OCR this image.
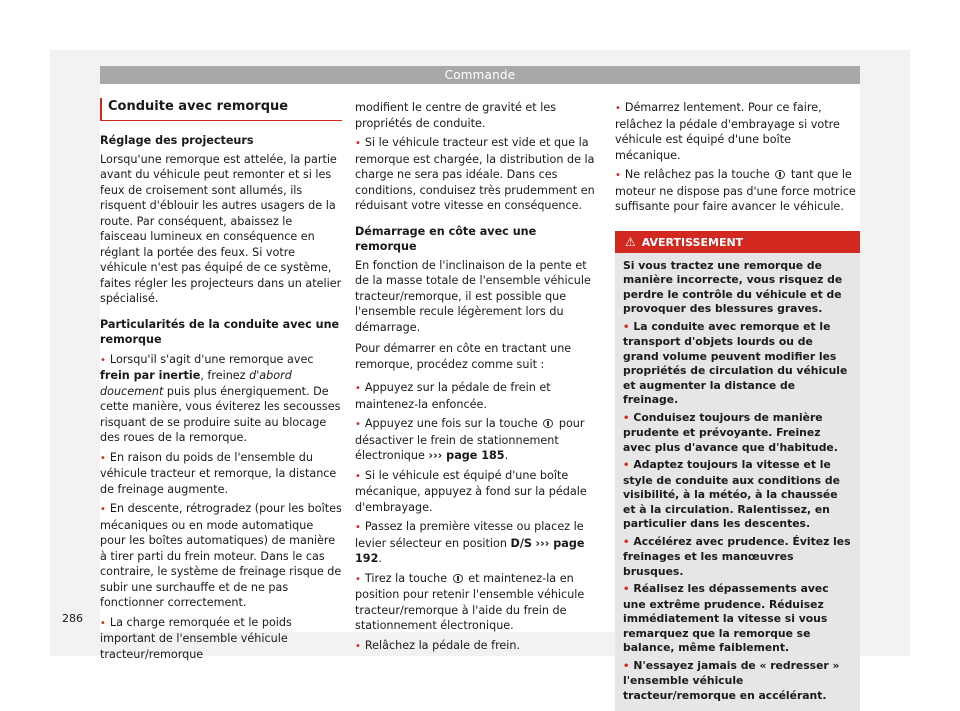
Commande
Conduite avec remorque

Réglage des projecteurs

Lorsqu'une remorque est attelée, la partie avant du véhicule peut remonter et si les feux de croisement sont allumés, ils risquent d'éblouir les autres usagers de la route. Par conséquent, abaissez le faisceau lumineux en conséquence en réglant la portée des feux. Si votre véhicule n'est pas équipé de ce système, faites régler les projecteurs dans un atelier spécialisé.

Particularités de la conduite avec une remorque

• Lorsqu'il s'agit d'une remorque avec frein par inertie, freinez d'abord doucement puis plus énergiquement. De cette manière, vous éviterez les secousses risquant de se produire suite au blocage des roues de la remorque.

• En raison du poids de l'ensemble du véhicule tracteur et remorque, la distance de freinage augmente.

• En descente, rétrogradez (pour les boîtes mécaniques ou en mode automatique pour les boîtes automatiques) de manière à tirer parti du frein moteur. Dans le cas contraire, le système de freinage risque de subir une surchauffe et de ne pas fonctionner correctement.

• La charge remorquée et le poids important de l'ensemble véhicule tracteur/remorque

modifient le centre de gravité et les propriétés de conduite.

• Si le véhicule tracteur est vide et que la remorque est chargée, la distribution de la charge ne sera pas idéale. Dans ces conditions, conduisez très prudemment en réduisant votre vitesse en conséquence.

Démarrage en côte avec une remorque

En fonction de l'inclinaison de la pente et de la masse totale de l'ensemble véhicule tracteur/remorque, il est possible que l'ensemble recule légèrement lors du démarrage.

Pour démarrer en côte en tractant une remorque, procédez comme suit :

• Appuyez sur la pédale de frein et maintenez-la enfoncée.

• Appuyez une fois sur la touche pour désactiver le frein de stationnement électronique ››› page 185.

• Si le véhicule est équipé d'une boîte mécanique, appuyez à fond sur la pédale d'embrayage.

• Passez la première vitesse ou placez le levier sélecteur en position D/S ››› page 192.

• Tirez la touche et maintenez-la en position pour retenir l'ensemble véhicule tracteur/remorque à l'aide du frein de stationnement électronique.

• Relâchez la pédale de frein.

• Démarrez lentement. Pour ce faire, relâchez la pédale d'embrayage si votre véhicule est équipé d'une boîte mécanique.

• Ne relâchez pas la touche tant que le moteur ne dispose pas d'une force motrice suffisante pour faire avancer le véhicule.

⚠ AVERTISSEMENT

Si vous tractez une remorque de manière incorrecte, vous risquez de perdre le contrôle du véhicule et de provoquer des blessures graves.

• La conduite avec remorque et le transport d'objets lourds ou de grand volume peuvent modifier les propriétés de circulation du véhicule et augmenter la distance de freinage.

• Conduisez toujours de manière prudente et prévoyante. Freinez avec plus d'avance que d'habitude.

• Adaptez toujours la vitesse et le style de conduite aux conditions de visibilité, à la météo, à la chaussée et à la circulation. Ralentissez, en particulier dans les descentes.

• Accélérez avec prudence. Évitez les freinages et les manœuvres brusques.

• Réalisez les dépassements avec une extrême prudence. Réduisez immédiatement la vitesse si vous remarquez que la remorque se balance, même faiblement.

• N'essayez jamais de « redresser » l'ensemble véhicule tracteur/remorque en accélérant.

286
